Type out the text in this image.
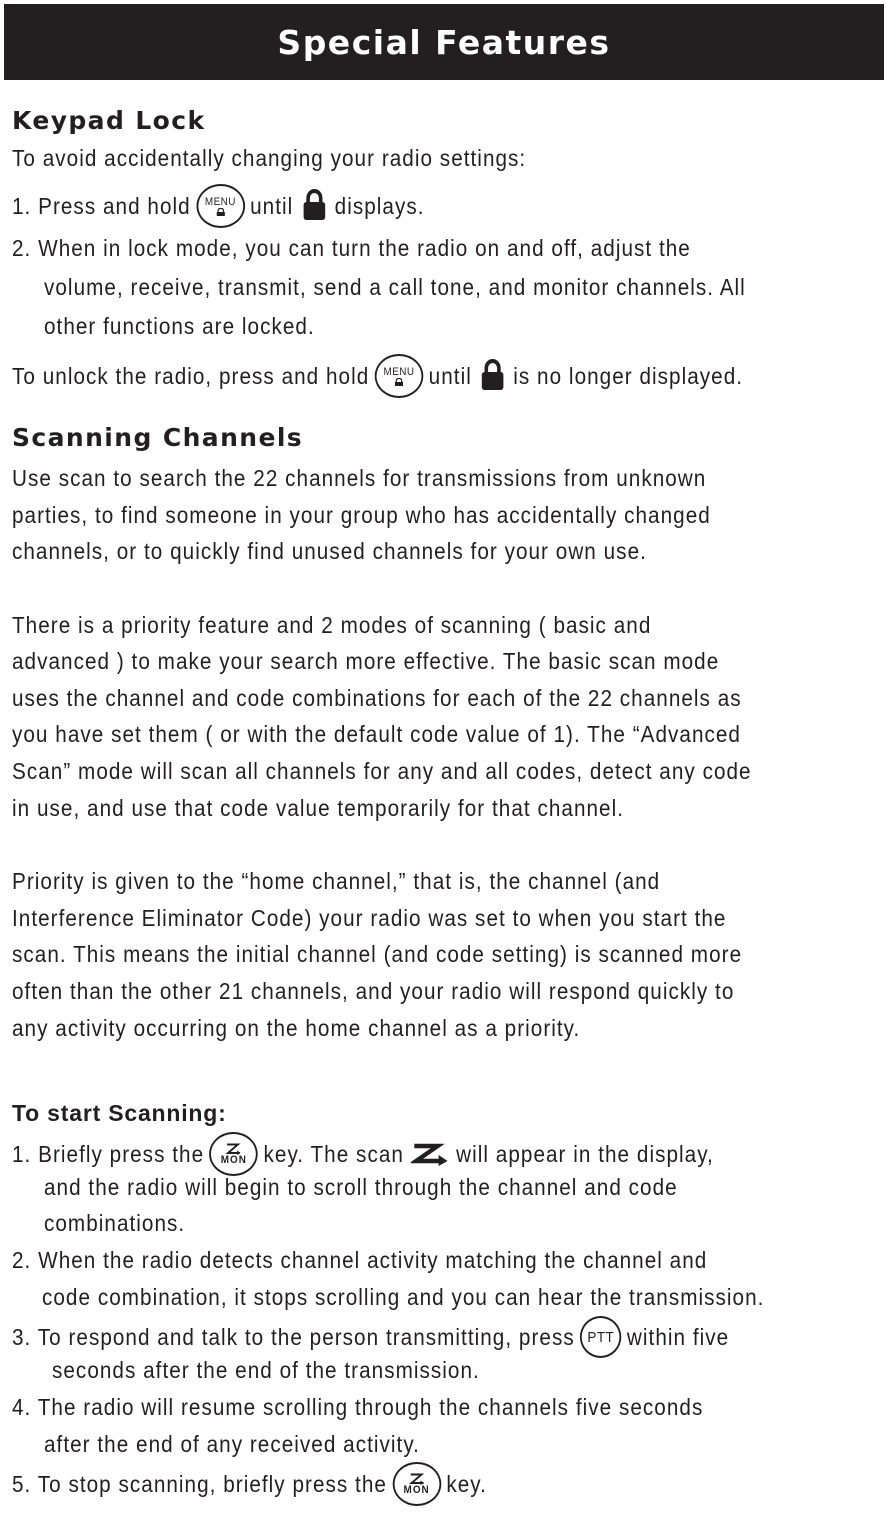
Special Features
Keypad Lock
To avoid accidentally changing your radio settings:
1. Press and hold MENU until displays.
2. When in lock mode, you can turn the radio on and off, adjust the
volume, receive, transmit, send a call tone, and monitor channels. All
other functions are locked.
To unlock the radio, press and hold MENU until is no longer displayed.
Scanning Channels
Use scan to search the 22 channels for transmissions from unknown
parties, to find someone in your group who has accidentally changed
channels, or to quickly find unused channels for your own use.
There is a priority feature and 2 modes of scanning ( basic and
advanced ) to make your search more effective. The basic scan mode
uses the channel and code combinations for each of the 22 channels as
you have set them ( or with the default code value of 1). The “Advanced
Scan” mode will scan all channels for any and all codes, detect any code
in use, and use that code value temporarily for that channel.
Priority is given to the “home channel,” that is, the channel (and
Interference Eliminator Code) your radio was set to when you start the
scan. This means the initial channel (and code setting) is scanned more
often than the other 21 channels, and your radio will respond quickly to
any activity occurring on the home channel as a priority.
To start Scanning:
1. Briefly press the MON key. The scan will appear in the display,
and the radio will begin to scroll through the channel and code
combinations.
2. When the radio detects channel activity matching the channel and
code combination, it stops scrolling and you can hear the transmission.
3. To respond and talk to the person transmitting, press PTT within five
seconds after the end of the transmission.
4. The radio will resume scrolling through the channels five seconds
after the end of any received activity.
5. To stop scanning, briefly press the MON key.
